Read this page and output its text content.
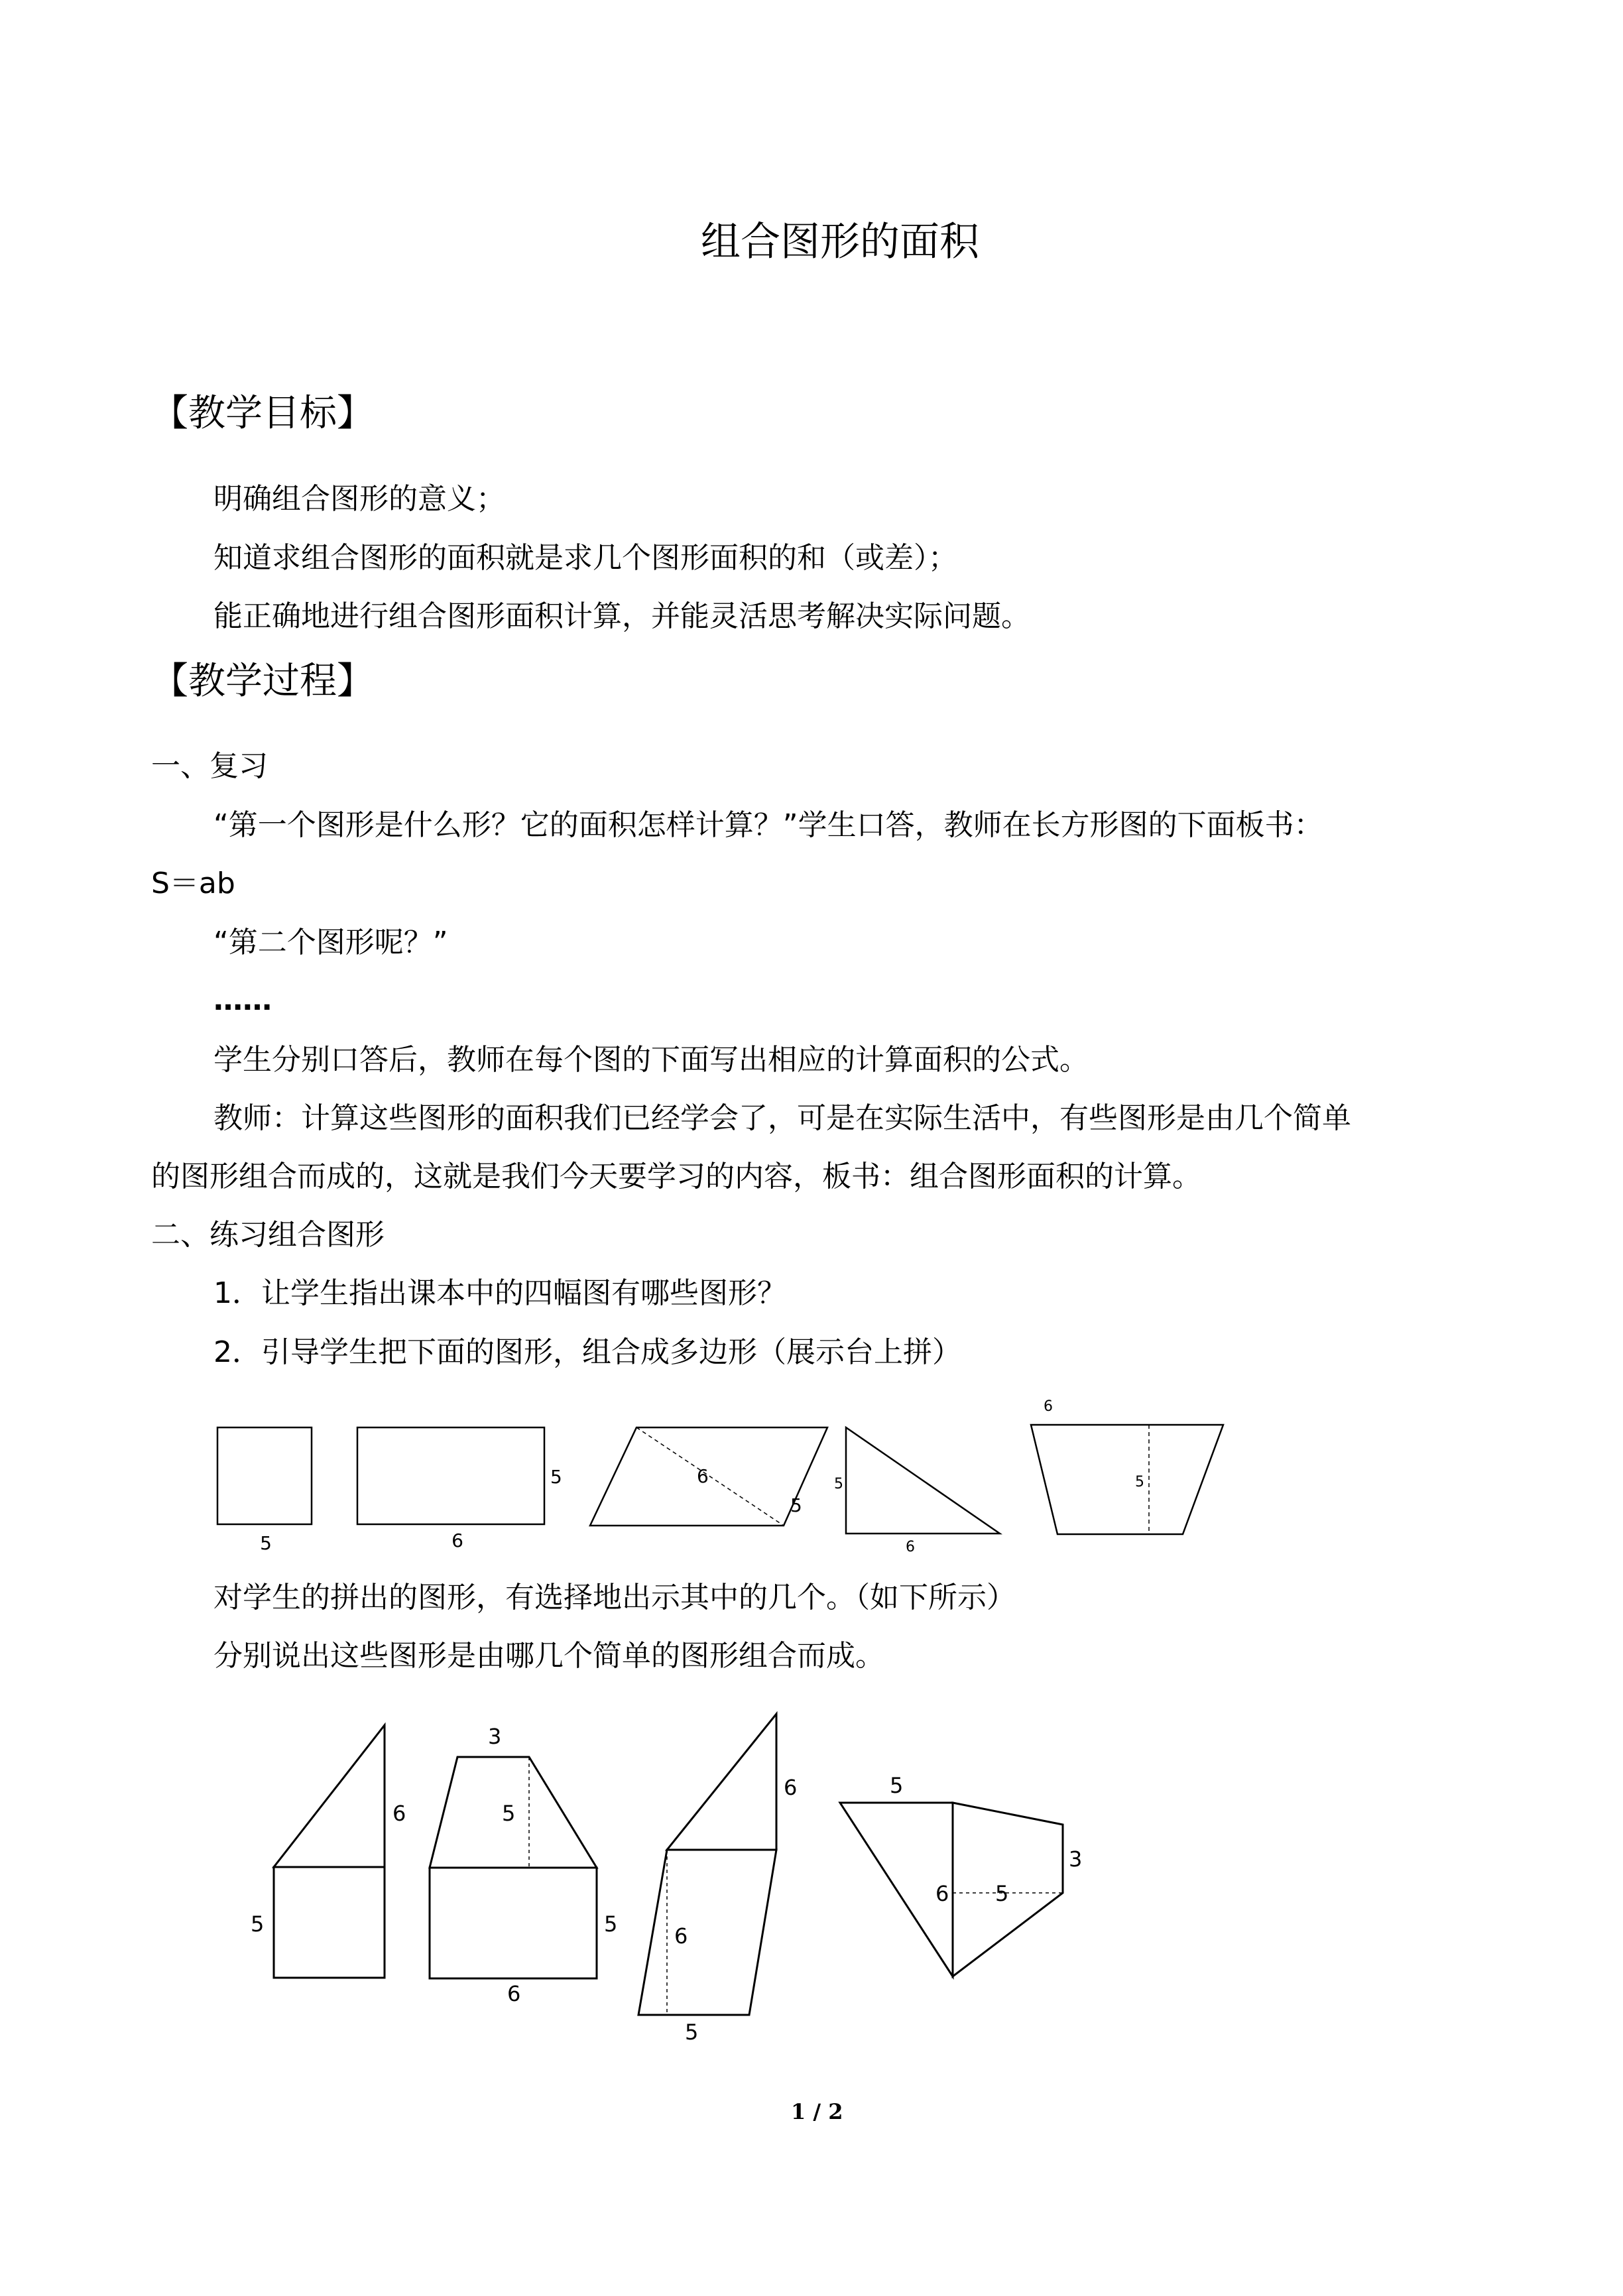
组合图形的面积
【教学目标】
明确组合图形的意义；
知道求组合图形的面积就是求几个图形面积的和（或差）；
能正确地进行组合图形面积计算，并能灵活思考解决实际问题。
【教学过程】
一、复习
“第一个图形是什么形？它的面积怎样计算？”学生口答，教师在长方形图的下面板书：
S＝ab
“第二个图形呢？”
……
学生分别口答后，教师在每个图的下面写出相应的计算面积的公式。
教师：计算这些图形的面积我们已经学会了，可是在实际生活中，有些图形是由几个简单
的图形组合而成的，这就是我们今天要学习的内容，板书：组合图形面积的计算。
二、练习组合图形
1．让学生指出课本中的四幅图有哪些图形？
2．引导学生把下面的图形，组合成多边形（展示台上拼）
5
5
6
6
5
5
6
6
5
对学生的拼出的图形，有选择地出示其中的几个。（如下所示）
分别说出这些图形是由哪几个简单的图形组合而成。
6
5
3
5
5
6
6
6
5
5
6 5
3
1 / 2
